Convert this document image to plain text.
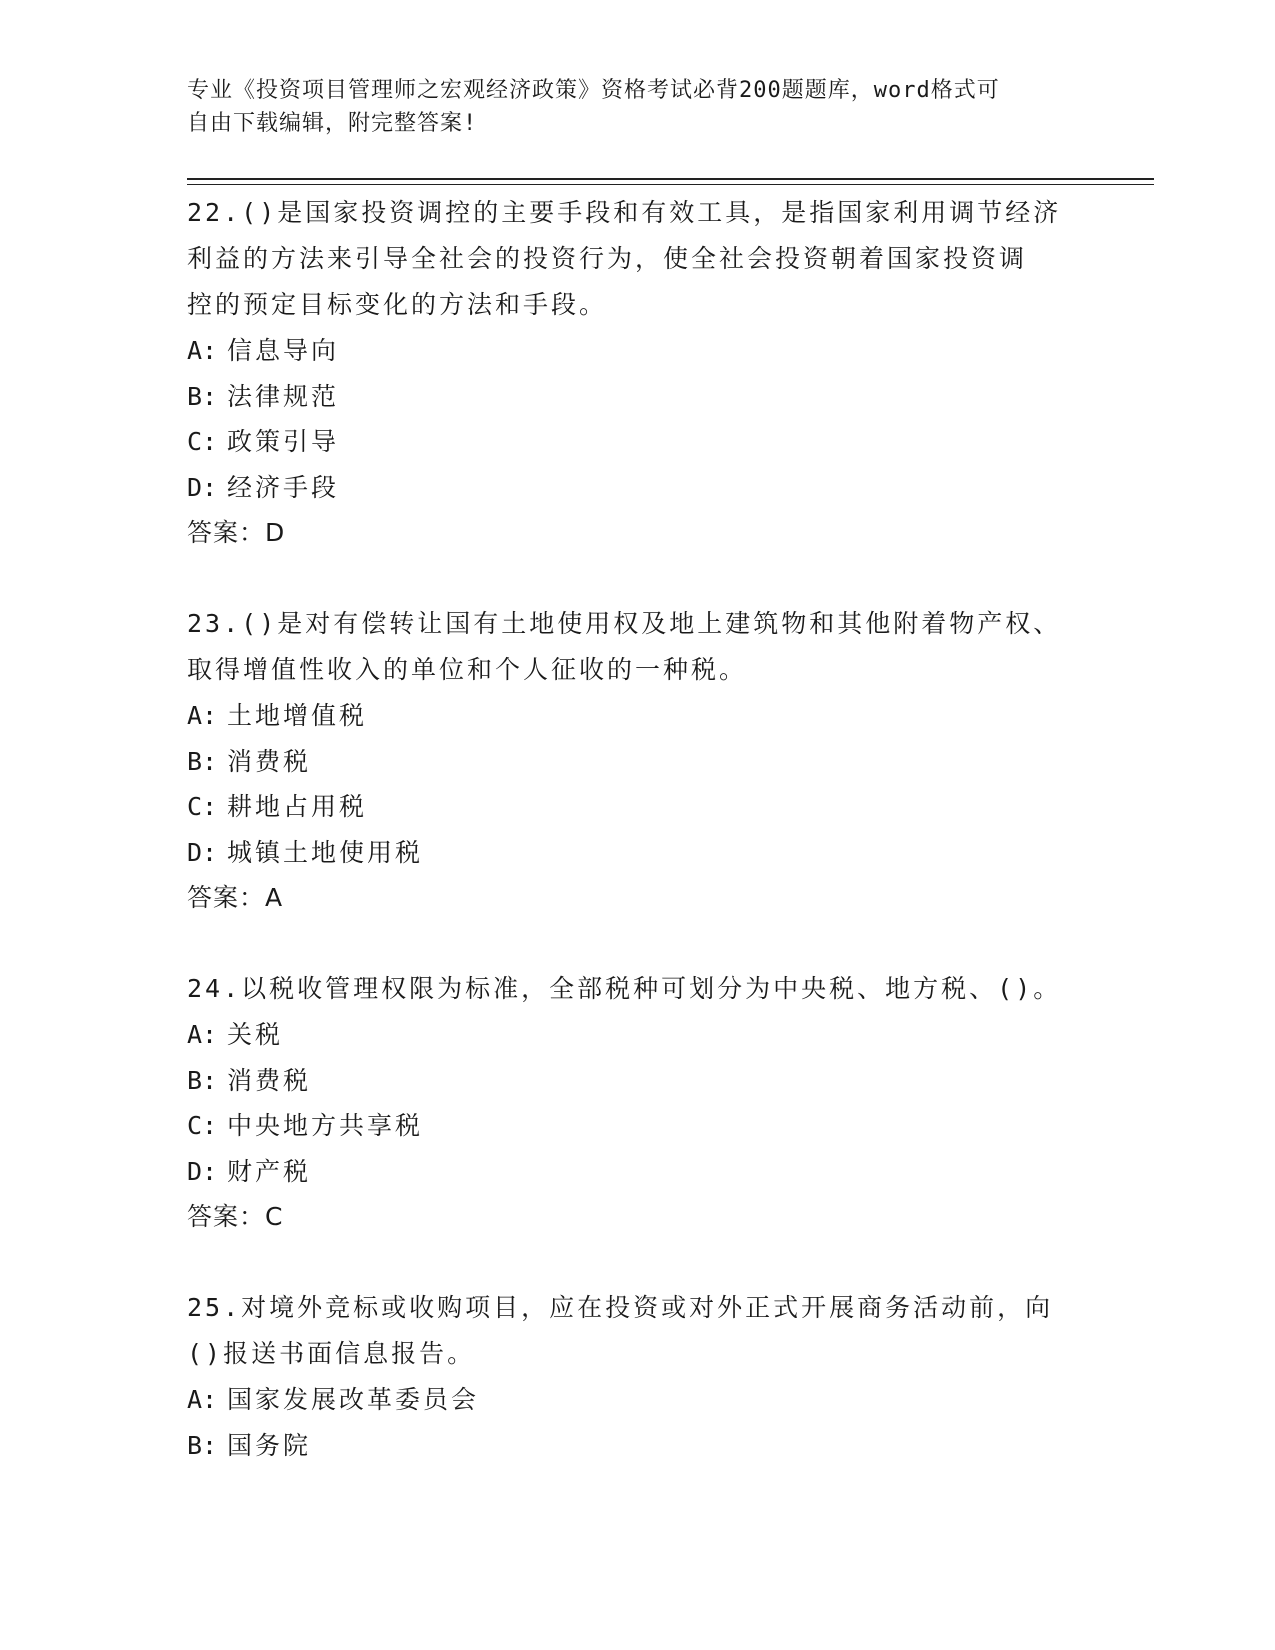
专业《投资项目管理师之宏观经济政策》资格考试必背200题题库，word格式可
自由下载编辑，附完整答案!
22.()是国家投资调控的主要手段和有效工具，是指国家利用调节经济
利益的方法来引导全社会的投资行为，使全社会投资朝着国家投资调
控的预定目标变化的方法和手段。
A: 信息导向
B: 法律规范
C: 政策引导
D: 经济手段
答案：D
23.()是对有偿转让国有土地使用权及地上建筑物和其他附着物产权、
取得增值性收入的单位和个人征收的一种税。
A: 土地增值税
B: 消费税
C: 耕地占用税
D: 城镇土地使用税
答案：A
24.以税收管理权限为标准，全部税种可划分为中央税、地方税、()。
A: 关税
B: 消费税
C: 中央地方共享税
D: 财产税
答案：C
25.对境外竞标或收购项目，应在投资或对外正式开展商务活动前，向
()报送书面信息报告。
A: 国家发展改革委员会
B: 国务院
